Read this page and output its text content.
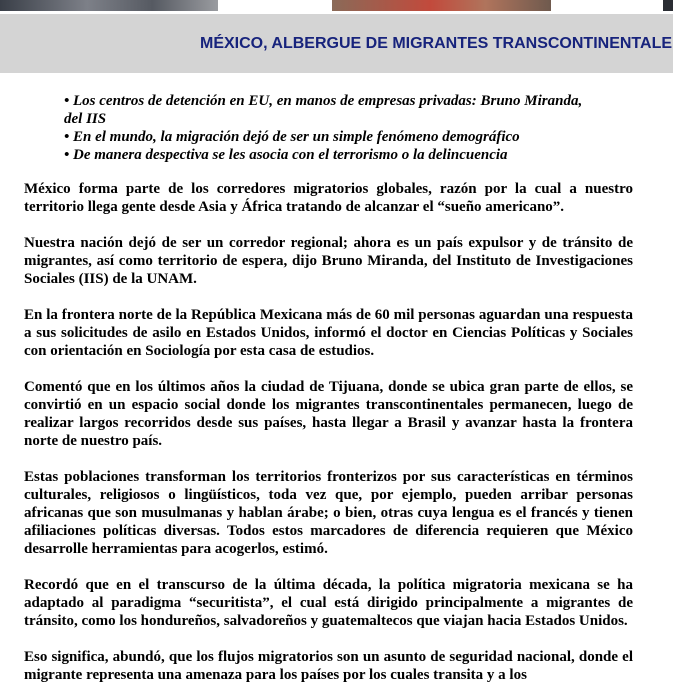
MÉXICO, ALBERGUE DE MIGRANTES TRANSCONTINENTALE
• Los centros de detención en EU, en manos de empresas privadas: Bruno Miranda, del IIS
• En el mundo, la migración dejó de ser un simple fenómeno demográfico
• De manera despectiva se les asocia con el terrorismo o la delincuencia

México forma parte de los corredores migratorios globales, razón por la cual a nuestro territorio llega gente desde Asia y África tratando de alcanzar el “sueño americano”.

Nuestra nación dejó de ser un corredor regional; ahora es un país expulsor y de tránsito de migrantes, así como territorio de espera, dijo Bruno Miranda, del Instituto de Investigaciones Sociales (IIS) de la UNAM.

En la frontera norte de la República Mexicana más de 60 mil personas aguardan una respuesta a sus solicitudes de asilo en Estados Unidos, informó el doctor en Ciencias Políticas y Sociales con orientación en Sociología por esta casa de estudios.

Comentó que en los últimos años la ciudad de Tijuana, donde se ubica gran parte de ellos, se convirtió en un espacio social donde los migrantes transcontinentales permanecen, luego de realizar largos recorridos desde sus países, hasta llegar a Brasil y avanzar hasta la frontera norte de nuestro país.

Estas poblaciones transforman los territorios fronterizos por sus características en términos culturales, religiosos o lingüísticos, toda vez que, por ejemplo, pueden arribar personas africanas que son musulmanas y hablan árabe; o bien, otras cuya lengua es el francés y tienen afiliaciones políticas diversas. Todos estos marcadores de diferencia requieren que México desarrolle herramientas para acogerlos, estimó.

Recordó que en el transcurso de la última década, la política migratoria mexicana se ha adaptado al paradigma “securitista”, el cual está dirigido principalmente a migrantes de tránsito, como los hondureños, salvadoreños y guatemaltecos que viajan hacia Estados Unidos.

Eso significa, abundó, que los flujos migratorios son un asunto de seguridad nacional, donde el migrante representa una amenaza para los países por los cuales transita y a los
